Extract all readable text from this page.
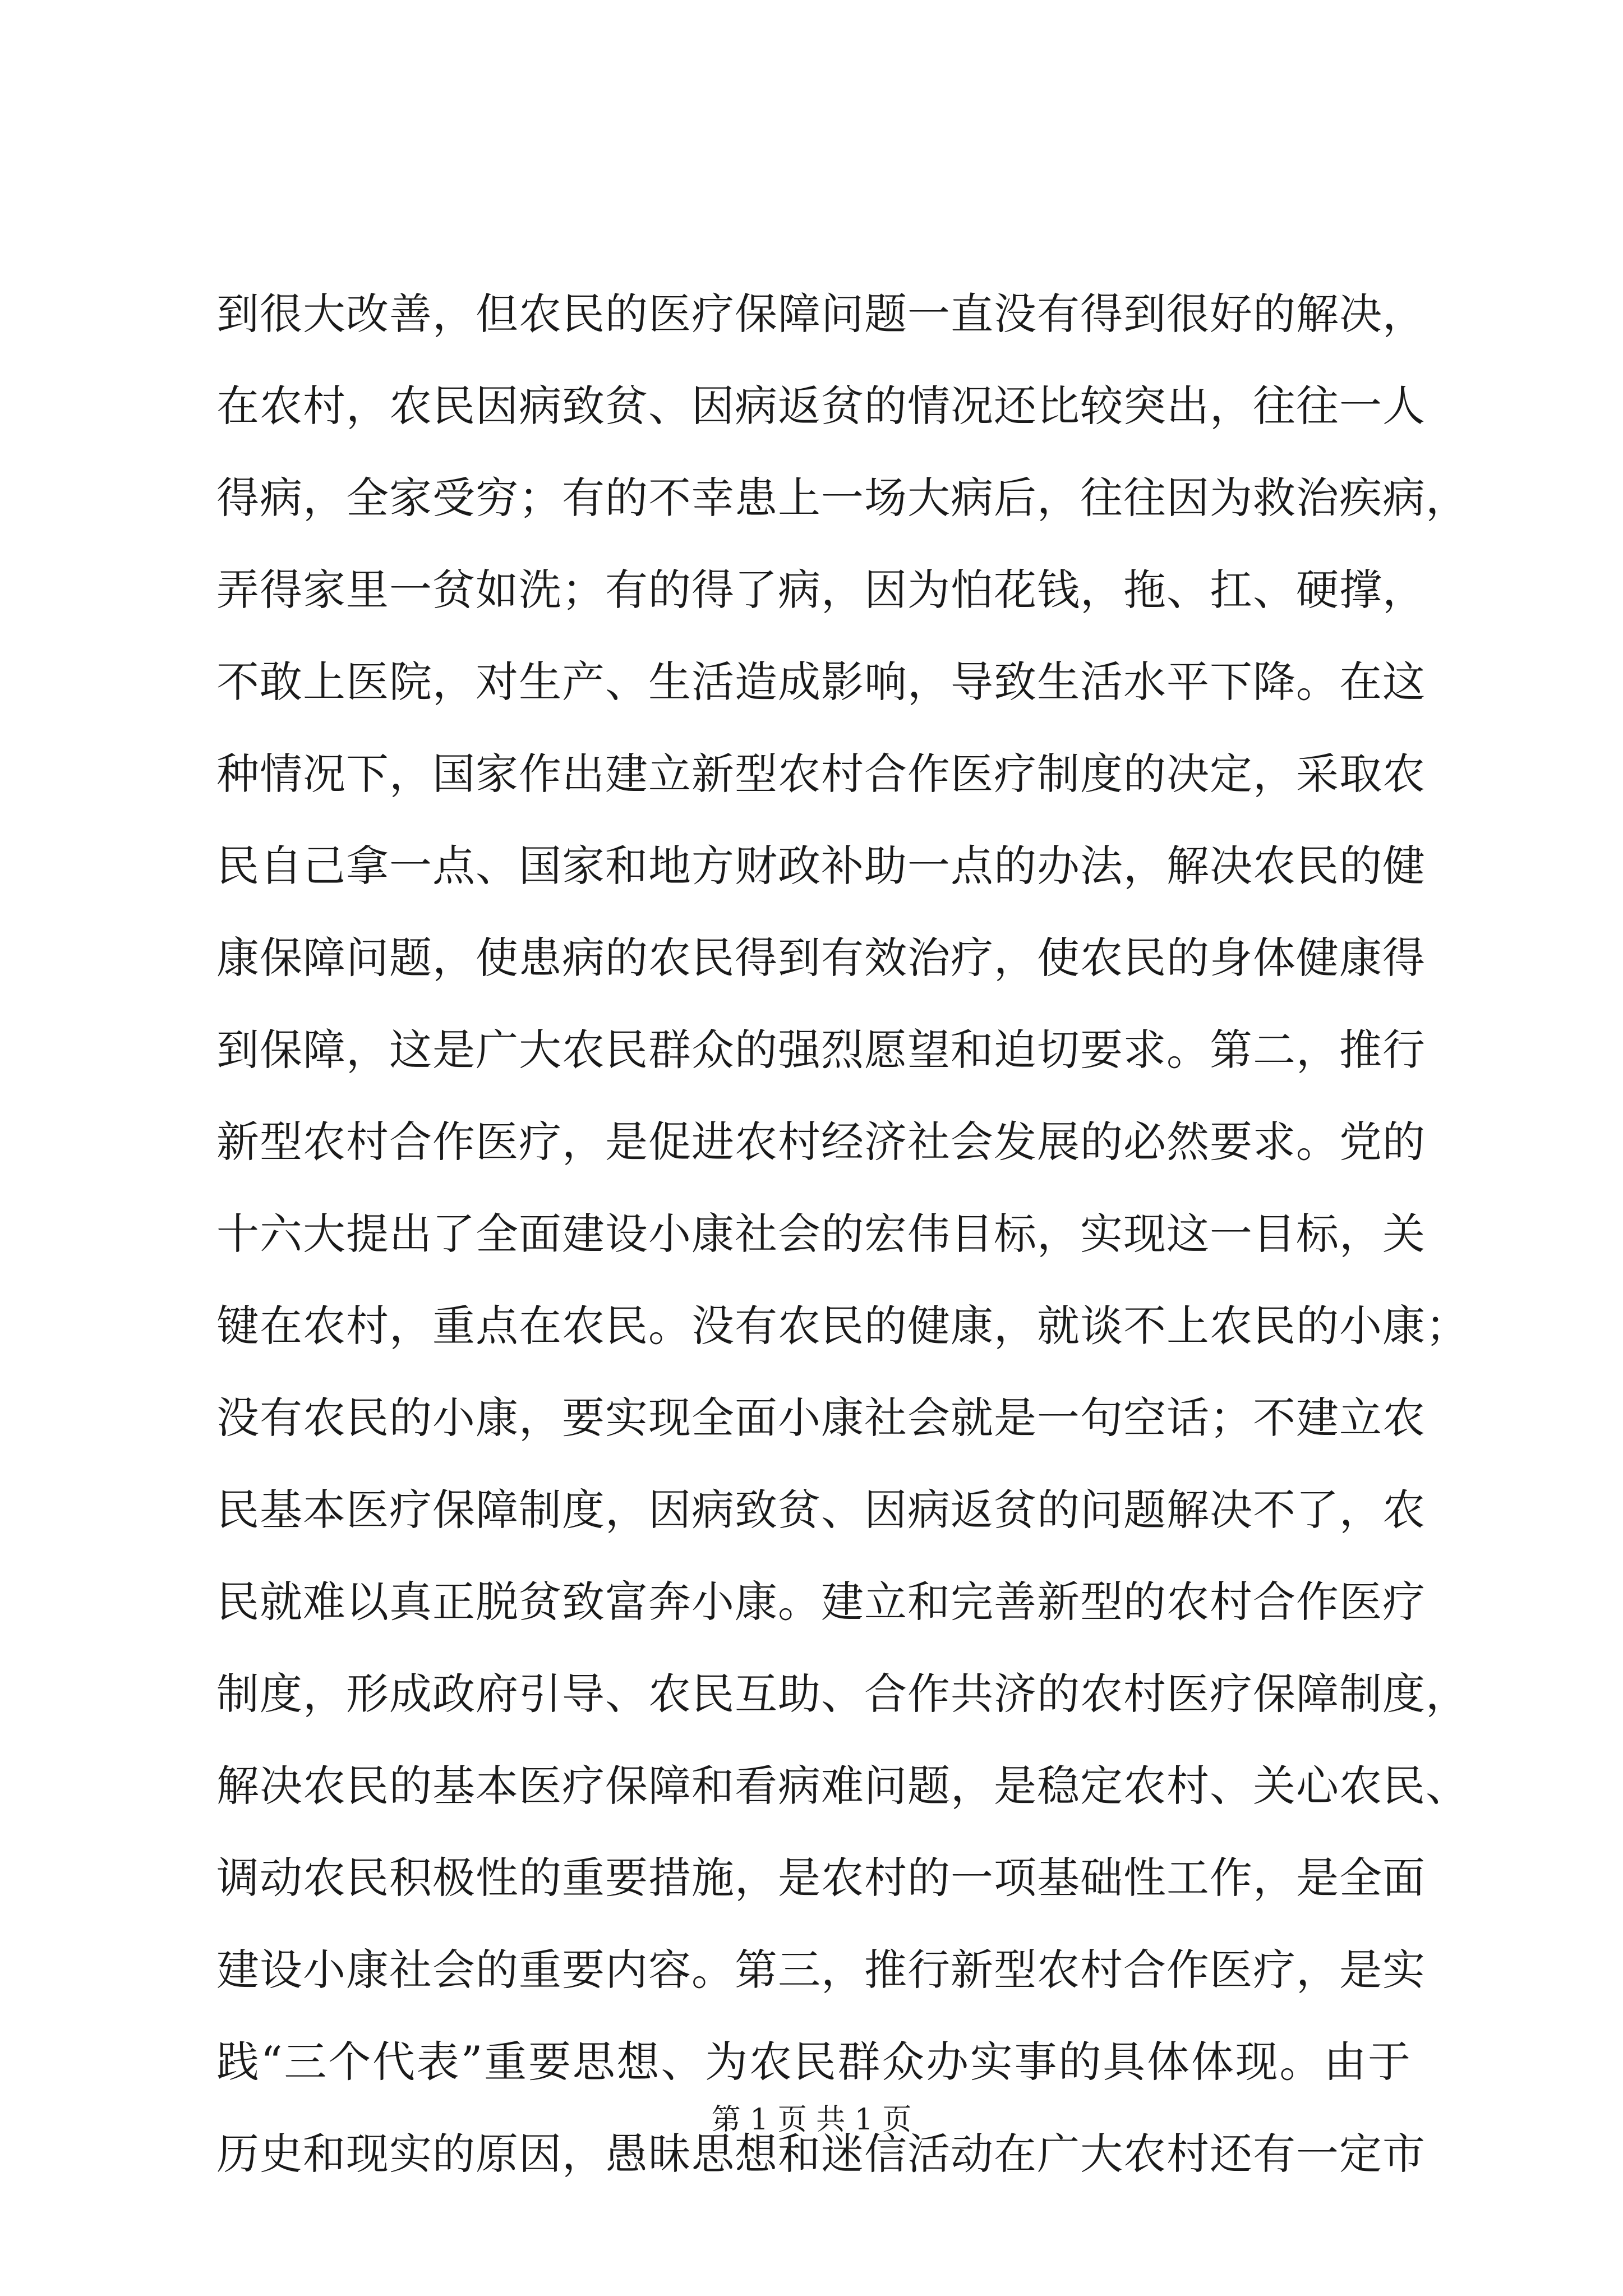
到很大改善，但农民的医疗保障问题一直没有得到很好的解决，
在农村，农民因病致贫、因病返贫的情况还比较突出，往往一人
得病，全家受穷；有的不幸患上一场大病后，往往因为救治疾病，
弄得家里一贫如洗；有的得了病，因为怕花钱，拖、扛、硬撑，
不敢上医院，对生产、生活造成影响，导致生活水平下降。在这
种情况下，国家作出建立新型农村合作医疗制度的决定，采取农
民自己拿一点、国家和地方财政补助一点的办法，解决农民的健
康保障问题，使患病的农民得到有效治疗，使农民的身体健康得
到保障，这是广大农民群众的强烈愿望和迫切要求。第二，推行
新型农村合作医疗，是促进农村经济社会发展的必然要求。党的
十六大提出了全面建设小康社会的宏伟目标，实现这一目标，关
键在农村，重点在农民。没有农民的健康，就谈不上农民的小康；
没有农民的小康，要实现全面小康社会就是一句空话；不建立农
民基本医疗保障制度，因病致贫、因病返贫的问题解决不了，农
民就难以真正脱贫致富奔小康。建立和完善新型的农村合作医疗
制度，形成政府引导、农民互助、合作共济的农村医疗保障制度，
解决农民的基本医疗保障和看病难问题，是稳定农村、关心农民、
调动农民积极性的重要措施，是农村的一项基础性工作，是全面
建设小康社会的重要内容。第三，推行新型农村合作医疗，是实
践“三个代表”重要思想、为农民群众办实事的具体体现。由于
历史和现实的原因，愚昧思想和迷信活动在广大农村还有一定市
第 1 页 共 1 页
